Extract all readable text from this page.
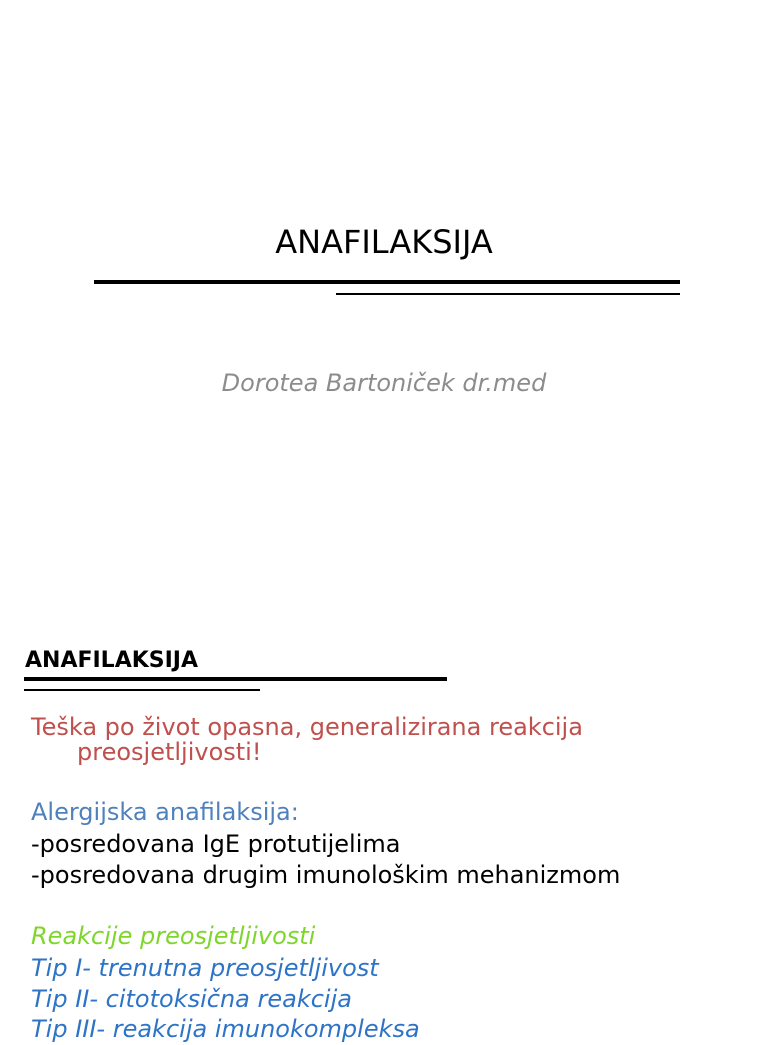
ANAFILAKSIJA
Dorotea Bartoniček dr.med
ANAFILAKSIJA
Teška po život opasna, generalizirana reakcija
preosjetljivosti!
Alergijska anafilaksija:
-posredovana IgE protutijelima
-posredovana drugim imunološkim mehanizmom
Reakcije preosjetljivosti
Tip I- trenutna preosjetljivost
Tip II- citotoksična reakcija
Tip III- reakcija imunokompleksa
